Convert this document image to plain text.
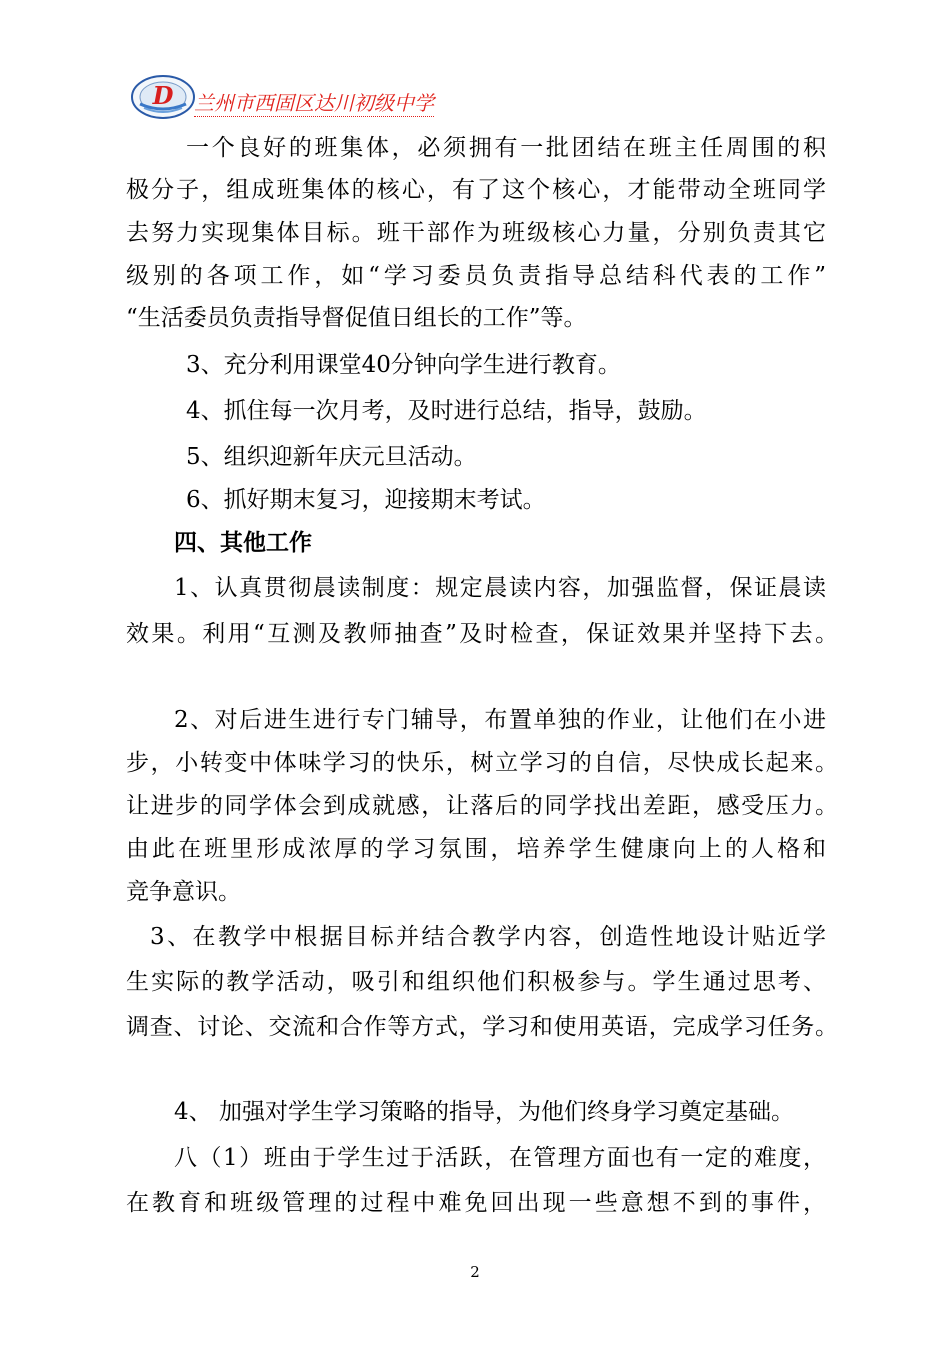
D 兰州市西固区达川初级中学
一个良好的班集体，必须拥有一批团结在班主任周围的积
极分子，组成班集体的核心，有了这个核心，才能带动全班同学
去努力实现集体目标。班干部作为班级核心力量，分别负责其它
级别的各项工作，如“学习委员负责指导总结科代表的工作”
“生活委员负责指导督促值日组长的工作”等。
3、充分利用课堂40分钟向学生进行教育。
4、抓住每一次月考，及时进行总结，指导，鼓励。
5、组织迎新年庆元旦活动。
6、抓好期末复习，迎接期末考试。
四、其他工作
1、认真贯彻晨读制度：规定晨读内容，加强监督，保证晨读
效果。利用“互测及教师抽查”及时检查，保证效果并坚持下去。
2、对后进生进行专门辅导，布置单独的作业，让他们在小进
步，小转变中体味学习的快乐，树立学习的自信，尽快成长起来。
让进步的同学体会到成就感，让落后的同学找出差距，感受压力。
由此在班里形成浓厚的学习氛围，培养学生健康向上的人格和
竞争意识。
3、在教学中根据目标并结合教学内容，创造性地设计贴近学
生实际的教学活动，吸引和组织他们积极参与。学生通过思考、
调查、讨论、交流和合作等方式，学习和使用英语，完成学习任务。
4、 加强对学生学习策略的指导，为他们终身学习奠定基础。
八（1）班由于学生过于活跃，在管理方面也有一定的难度，
在教育和班级管理的过程中难免回出现一些意想不到的事件，
2
